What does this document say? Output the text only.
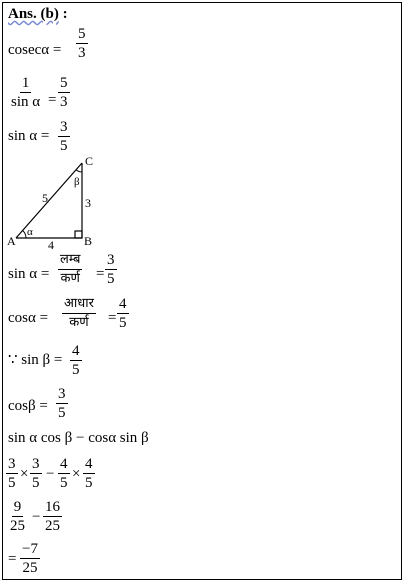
Ans. (b) :
$cosec\alpha = \frac{5}{3}$
$\frac{1}{\text{sin α}} = \frac{5}{3}$
$\sin \alpha = \frac{3}{5}$
A	B
C
α
β
5
4
3
sin α =
लम्ब
कर्ण = $\frac{3}{5}$
cosα =
आधार
कर्ण = $\frac{4}{5}$
∵ $\sin \beta = \frac{4}{5}$
$\cos\beta = \frac{3}{5}$
sin α cos β − cosα sin β
$\frac{3}{5} \times \frac{3}{5} - \frac{4}{5} \times \frac{4}{5}$
$\frac{9}{25} - \frac{16}{25}$
= $\frac{-7}{25}$
